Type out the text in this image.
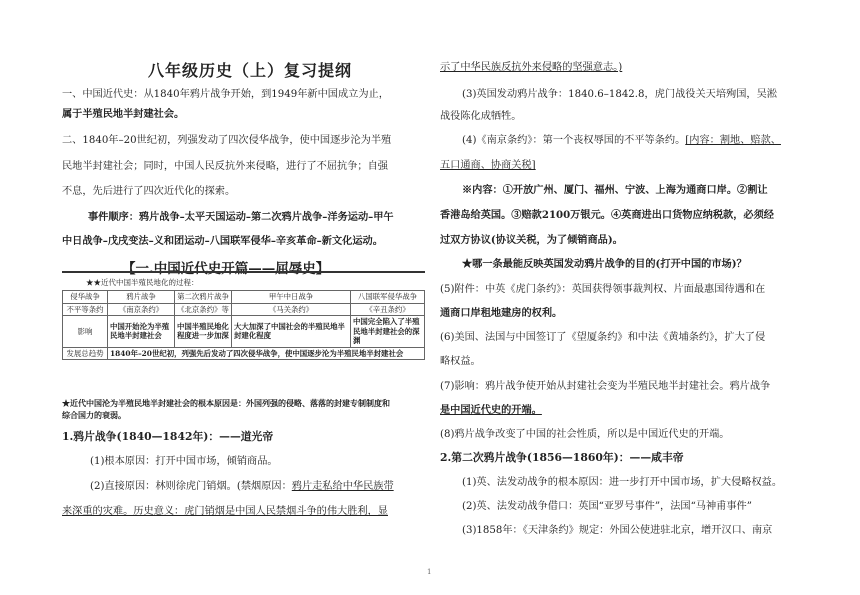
八年级历史（上）复习提纲
一、中国近代史：从1840年鸦片战争开始，到1949年新中国成立为止，
属于半殖民地半封建社会。
二、1840年–20世纪初，列强发动了四次侵华战争，使中国逐步沦为半殖
民地半封建社会；同时，中国人民反抗外来侵略，进行了不屈抗争；自强
不息，先后进行了四次近代化的探索。
事件顺序：鸦片战争–太平天国运动–第二次鸦片战争–洋务运动–甲午
中日战争–戊戌变法–义和团运动–八国联军侵华–辛亥革命–新文化运动。
【一.中国近代史开篇——屈辱史】
★★近代中国半殖民地化的过程：
侵华战争	鸦片战争	第二次鸦片战争	甲午中日战争	八国联军侵华战争
不平等条约	《南京条约》	《北京条约》等	《马关条约》	《辛丑条约》
影响	中国开始沦为半殖民地半封建社会	中国半殖民地化程度进一步加深	大大加深了中国社会的半殖民地半封建化程度	中国完全陷入了半殖民地半封建社会的深渊
发展总趋势	1840年–20世纪初，列强先后发动了四次侵华战争，使中国逐步沦为半殖民地半封建社会			
★近代中国沦为半殖民地半封建社会的根本原因是：外国列强的侵略、落落的封建专制制度和
综合国力的衰弱。
1.鸦片战争(1840—1842年)：——道光帝
(1)根本原因：打开中国市场，倾销商品。
(2)直接原因：林则徐虎门销烟。(禁烟原因：鸦片走私给中华民族带
来深重的灾难。历史意义：虎门销烟是中国人民禁烟斗争的伟大胜利，显
示了中华民族反抗外来侵略的坚强意志。)
(3)英国发动鸦片战争：1840.6–1842.8，虎门战役关天培殉国，吴淞
战役陈化成牺牲。
(4)《南京条约》：第一个丧权辱国的不平等条约。[内容：割地、赔款、
五口通商、协商关税]
※内容：①开放广州、厦门、福州、宁波、上海为通商口岸。②割让
香港岛给英国。③赔款2100万银元。④英商进出口货物应纳税款，必须经
过双方协议(协议关税，为了倾销商品)。
★哪一条最能反映英国发动鸦片战争的目的(打开中国的市场)？
(5)附件：中英《虎门条约》：英国获得领事裁判权、片面最惠国待遇和在
通商口岸租地建房的权利。
(6)美国、法国与中国签订了《望厦条约》和中法《黄埔条约》，扩大了侵
略权益。
(7)影响：鸦片战争使开始从封建社会变为半殖民地半封建社会。鸦片战争
是中国近代史的开端。
(8)鸦片战争改变了中国的社会性质，所以是中国近代史的开端。
2.第二次鸦片战争(1856—1860年)：——咸丰帝
(1)英、法发动战争的根本原因：进一步打开中国市场，扩大侵略权益。
(2)英、法发动战争借口：英国“亚罗号事件”，法国“马神甫事件”
(3)1858年：《天津条约》规定：外国公使进驻北京，增开汉口、南京
1
